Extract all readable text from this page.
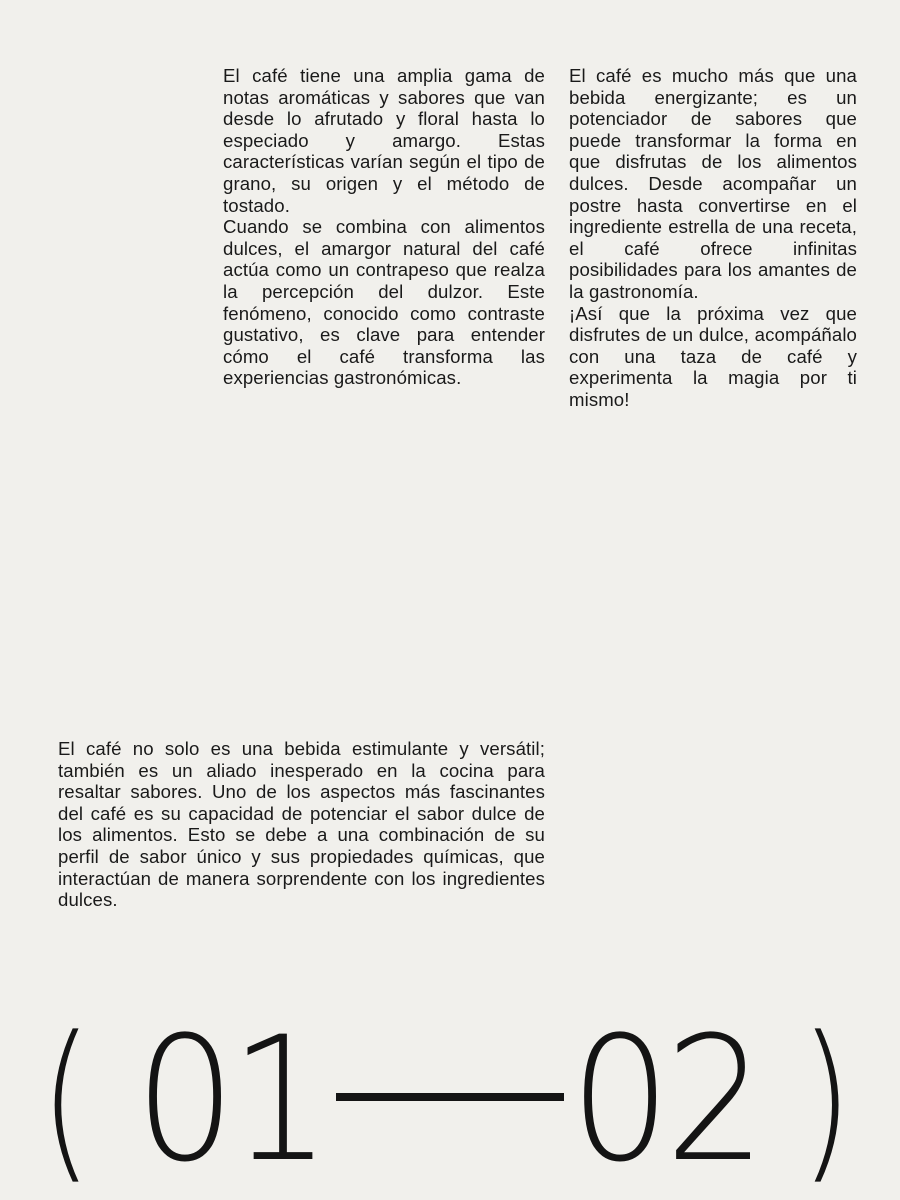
El café tiene una amplia gama de notas aromáticas y sabores que van desde lo afrutado y floral hasta lo especiado y amargo. Estas características varían según el tipo de grano, su origen y el método de tostado.

Cuando se combina con alimentos dulces, el amargor natural del café actúa como un contrapeso que realza la percepción del dulzor. Este fenómeno, conocido como contraste gustativo, es clave para entender cómo el café transforma las experiencias gastronómicas.

El café es mucho más que una bebida energizante; es un potenciador de sabores que puede transformar la forma en que disfrutas de los alimentos dulces. Desde acompañar un postre hasta convertirse en el ingrediente estrella de una receta, el café ofrece infinitas posibilidades para los amantes de la gastronomía.

¡Así que la próxima vez que disfrutes de un dulce, acompáñalo con una taza de café y experimenta la magia por ti mismo!

El café no solo es una bebida estimulante y versátil; también es un aliado inesperado en la cocina para resaltar sabores. Uno de los aspectos más fascinantes del café es su capacidad de potenciar el sabor dulce de los alimentos. Esto se debe a una combinación de su perfil de sabor único y sus propiedades químicas, que interactúan de manera sorprendente con los ingredientes dulces.

( 01 02 )
